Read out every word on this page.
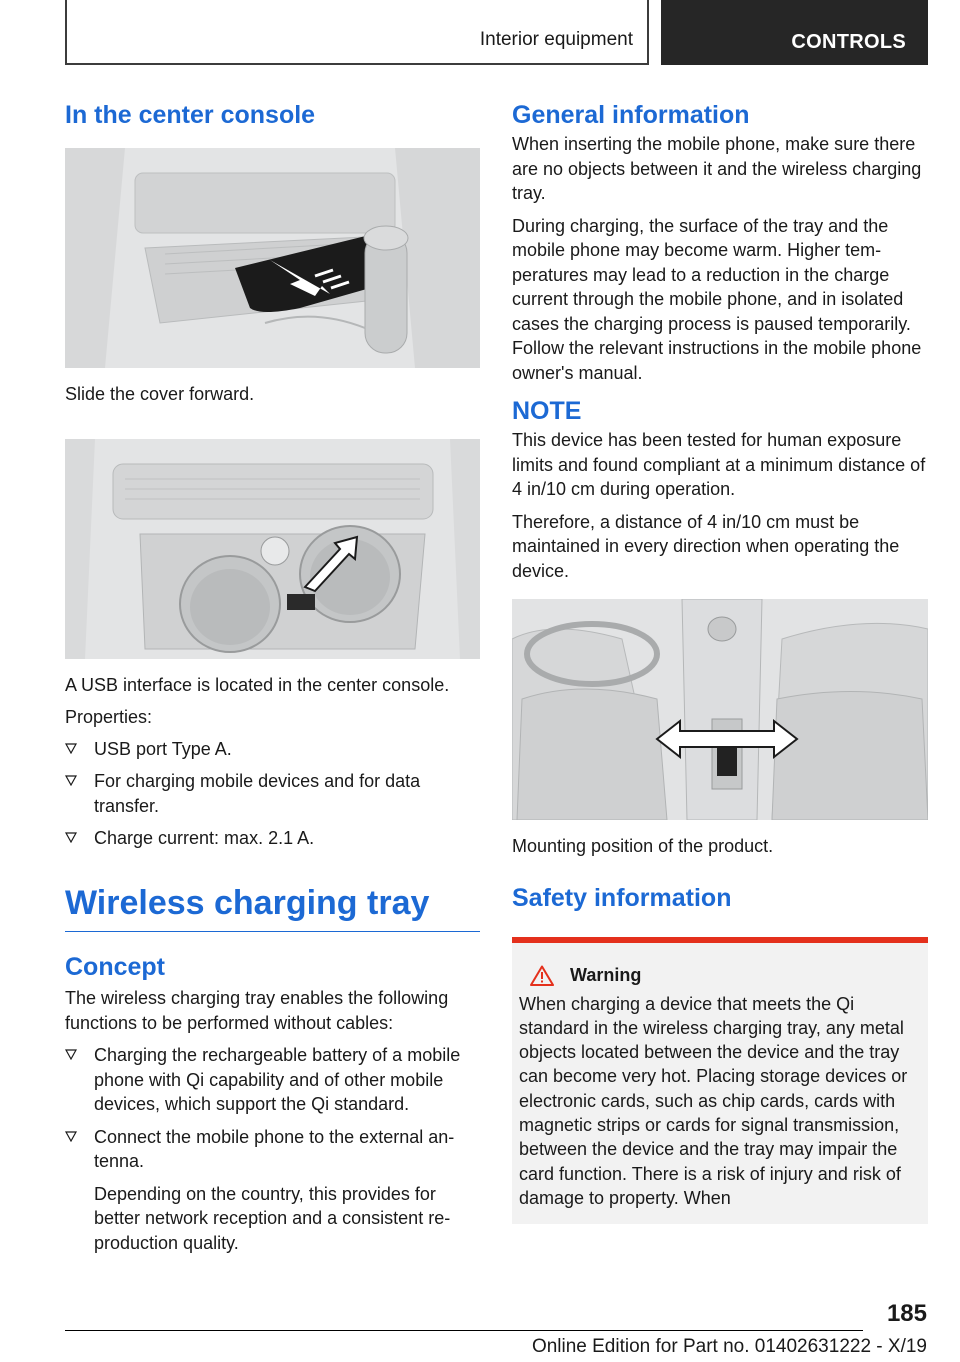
Interior equipment	CONTROLS
In the center console

Slide the cover forward.

A USB interface is located in the center console.

Properties:

USB port Type A.
For charging mobile devices and for data transfer.
Charge current: max. 2.1 A.
Wireless charging tray
Concept

The wireless charging tray enables the following functions to be performed without cables:

Charging the rechargeable battery of a mobile phone with Qi capability and of other mobile devices, which support the Qi standard.
Connect the mobile phone to the external antenna.

Depending on the country, this provides for better network reception and a consistent reproduction quality.

General information

When inserting the mobile phone, make sure there are no objects between it and the wireless charging tray.

During charging, the surface of the tray and the mobile phone may become warm. Higher temperatures may lead to a reduction in the charge current through the mobile phone, and in isolated cases the charging process is paused temporarily. Follow the relevant instructions in the mobile phone owner's manual.

NOTE

This device has been tested for human exposure limits and found compliant at a minimum distance of 4 in/10 cm during operation.

Therefore, a distance of 4 in/10 cm must be maintained in every direction when operating the device.

Mounting position of the product.

Safety information
Warning

When charging a device that meets the Qi standard in the wireless charging tray, any metal objects located between the device and the tray can become very hot. Placing storage devices or electronic cards, such as chip cards, cards with magnetic strips or cards for signal transmission, between the device and the tray may impair the card function. There is a risk of injury and risk of damage to property. When

185
Online Edition for Part no. 01402631222 - X/19
